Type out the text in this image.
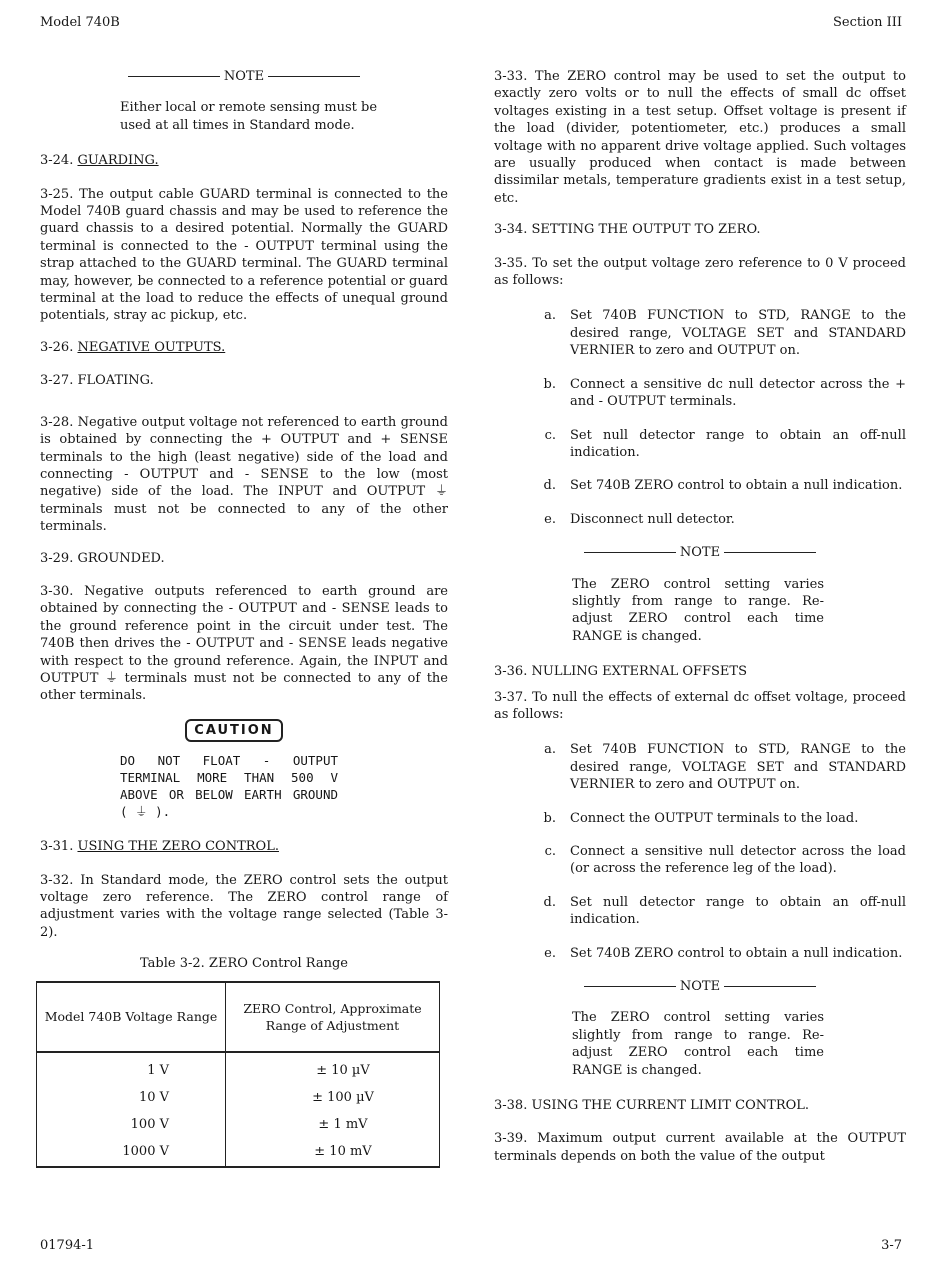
Model 740B	Section III
NOTE
Either local or remote sensing must be used at all times in Standard mode.
3-24. GUARDING.

3-25. The output cable GUARD terminal is connected to the Model 740B guard chassis and may be used to reference the guard chassis to a desired potential. Normally the GUARD terminal is connected to the - OUTPUT terminal using the strap attached to the GUARD terminal. The GUARD terminal may, however, be connected to a reference potential or guard terminal at the load to reduce the effects of unequal ground potentials, stray ac pickup, etc.

3-26. NEGATIVE OUTPUTS.
3-27. FLOATING.

3-28. Negative output voltage not referenced to earth ground is obtained by connecting the + OUTPUT and + SENSE terminals to the high (least negative) side of the load and connecting - OUTPUT and - SENSE to the low (most negative) side of the load. The INPUT and OUTPUT ⏚ terminals must not be connected to any of the other terminals.

3-29. GROUNDED.

3-30. Negative outputs referenced to earth ground are obtained by connecting the - OUTPUT and - SENSE leads to the ground reference point in the circuit under test. The 740B then drives the - OUTPUT and - SENSE leads negative with respect to the ground reference. Again, the INPUT and OUTPUT ⏚ terminals must not be connected to any of the other terminals.

CAUTION
DO NOT FLOAT - OUTPUT TERMINAL MORE THAN 500 V ABOVE OR BELOW EARTH GROUND ( ⏚ ).
3-31. USING THE ZERO CONTROL.

3-32. In Standard mode, the ZERO control sets the output voltage zero reference. The ZERO control range of adjustment varies with the voltage range selected (Table 3-2).

Table 3-2. ZERO Control Range
Model 740B Voltage Range	ZERO Control, Approximate Range of Adjustment
1 V	± 10 µV
10 V	± 100 µV
100 V	± 1 mV
1000 V	± 10 mV

3-33. The ZERO control may be used to set the output to exactly zero volts or to null the effects of small dc offset voltages existing in a test setup. Offset voltage is present if the load (divider, potentiometer, etc.) produces a small voltage with no apparent drive voltage applied. Such voltages are usually produced when contact is made between dissimilar metals, temperature gradients exist in a test setup, etc.

3-34. SETTING THE OUTPUT TO ZERO.

3-35. To set the output voltage zero reference to 0 V proceed as follows:

a.	Set 740B FUNCTION to STD, RANGE to the desired range, VOLTAGE SET and STANDARD VERNIER to zero and OUTPUT on.
b.	Connect a sensitive dc null detector across the + and - OUTPUT terminals.
c.	Set null detector range to obtain an off-null indication.
d.	Set 740B ZERO control to obtain a null indication.
e.	Disconnect null detector.
NOTE
The ZERO control setting varies slightly from range to range. Re-adjust ZERO control each time RANGE is changed.
3-36. NULLING EXTERNAL OFFSETS

3-37. To null the effects of external dc offset voltage, proceed as follows:

a.	Set 740B FUNCTION to STD, RANGE to the desired range, VOLTAGE SET and STANDARD VERNIER to zero and OUTPUT on.
b.	Connect the OUTPUT terminals to the load.
c.	Connect a sensitive null detector across the load (or across the reference leg of the load).
d.	Set null detector range to obtain an off-null indication.
e.	Set 740B ZERO control to obtain a null indication.
NOTE
The ZERO control setting varies slightly from range to range. Re-adjust ZERO control each time RANGE is changed.
3-38. USING THE CURRENT LIMIT CONTROL.

3-39. Maximum output current available at the OUTPUT terminals depends on both the value of the output

01794-1	3-7
